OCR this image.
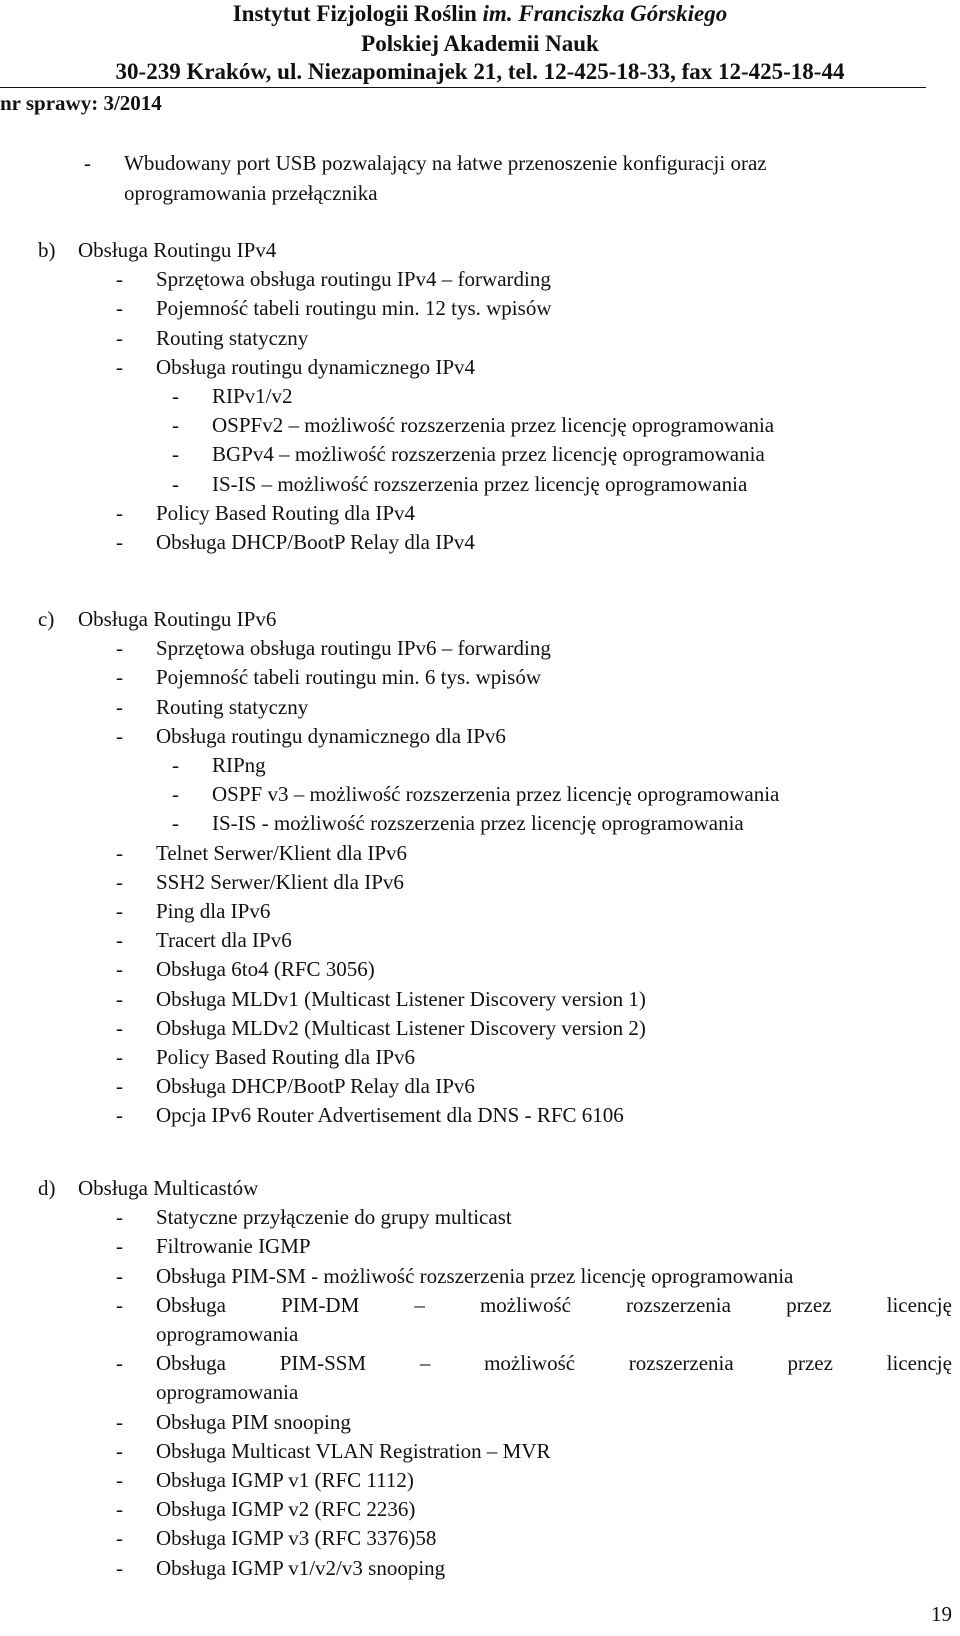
Instytut Fizjologii Roślin im. Franciszka Górskiego
Polskiej Akademii Nauk
30-239 Kraków, ul. Niezapominajek 21, tel. 12-425-18-33, fax 12-425-18-44
nr sprawy: 3/2014
- Wbudowany port USB pozwalający na łatwe przenoszenie konfiguracji oraz
oprogramowania przełącznika
b) Obsługa Routingu IPv4
- Sprzętowa obsługa routingu IPv4 – forwarding
- Pojemność tabeli routingu min. 12 tys. wpisów
- Routing statyczny
- Obsługa routingu dynamicznego IPv4
- RIPv1/v2
- OSPFv2 – możliwość rozszerzenia przez licencję oprogramowania
- BGPv4 – możliwość rozszerzenia przez licencję oprogramowania
- IS-IS – możliwość rozszerzenia przez licencję oprogramowania
- Policy Based Routing dla IPv4
- Obsługa DHCP/BootP Relay dla IPv4
c) Obsługa Routingu IPv6
- Sprzętowa obsługa routingu IPv6 – forwarding
- Pojemność tabeli routingu min. 6 tys. wpisów
- Routing statyczny
- Obsługa routingu dynamicznego dla IPv6
- RIPng
- OSPF v3 – możliwość rozszerzenia przez licencję oprogramowania
- IS-IS - możliwość rozszerzenia przez licencję oprogramowania
- Telnet Serwer/Klient dla IPv6
- SSH2 Serwer/Klient dla IPv6
- Ping dla IPv6
- Tracert dla IPv6
- Obsługa 6to4 (RFC 3056)
- Obsługa MLDv1 (Multicast Listener Discovery version 1)
- Obsługa MLDv2 (Multicast Listener Discovery version 2)
- Policy Based Routing dla IPv6
- Obsługa DHCP/BootP Relay dla IPv6
- Opcja IPv6 Router Advertisement dla DNS - RFC 6106
d) Obsługa Multicastów
- Statyczne przyłączenie do grupy multicast
- Filtrowanie IGMP
- Obsługa PIM-SM - możliwość rozszerzenia przez licencję oprogramowania
- Obsługa	PIM-DM	–	możliwość	rozszerzenia	przez	licencję
oprogramowania
- Obsługa	PIM-SSM	–	możliwość	rozszerzenia	przez	licencję
oprogramowania
- Obsługa PIM snooping
- Obsługa Multicast VLAN Registration – MVR
- Obsługa IGMP v1 (RFC 1112)
- Obsługa IGMP v2 (RFC 2236)
- Obsługa IGMP v3 (RFC 3376)58
- Obsługa IGMP v1/v2/v3 snooping
19
